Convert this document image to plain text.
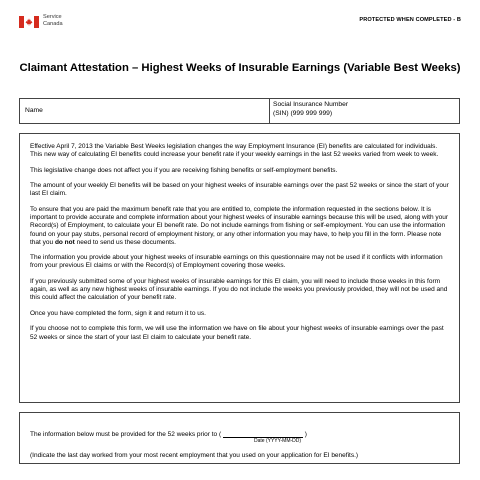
Service
Canada
PROTECTED WHEN COMPLETED - B
Claimant Attestation – Highest Weeks of Insurable Earnings (Variable Best Weeks)
Name
Social Insurance Number
(SIN) (999 999 999)

Effective April 7, 2013 the Variable Best Weeks legislation changes the way Employment Insurance (EI) benefits are calculated for individuals. This new way of calculating EI benefits could increase your benefit rate if your weekly earnings in the last 52 weeks varied from week to week.

This legislative change does not affect you if you are receiving fishing benefits or self-employment benefits.

The amount of your weekly EI benefits will be based on your highest weeks of insurable earnings over the past 52 weeks or since the start of your last EI claim.

To ensure that you are paid the maximum benefit rate that you are entitled to, complete the information requested in the sections below. It is important to provide accurate and complete information about your highest weeks of insurable earnings because this will be used, along with your Record(s) of Employment, to calculate your EI benefit rate. Do not include earnings from fishing or self-employment. You can use the information found on your pay stubs, personal record of employment history, or any other information you may have, to help you fill in the form. Please note that you do not need to send us these documents.

The information you provide about your highest weeks of insurable earnings on this questionnaire may not be used if it conflicts with information from your previous EI claims or with the Record(s) of Employment covering those weeks.

If you previously submitted some of your highest weeks of insurable earnings for this EI claim, you will need to include those weeks in this form again, as well as any new highest weeks of insurable earnings. If you do not include the weeks you previously provided, they will not be used and this could affect the calculation of your benefit rate.

Once you have completed the form, sign it and return it to us.

If you choose not to complete this form, we will use the information we have on file about your highest weeks of insurable earnings over the past 52 weeks or since the start of your last EI claim to calculate your benefit rate.

The information below must be provided for the 52 weeks prior to (	)
Date (YYYY-MM-DD)
(Indicate the last day worked from your most recent employment that you used on your application for EI benefits.)
